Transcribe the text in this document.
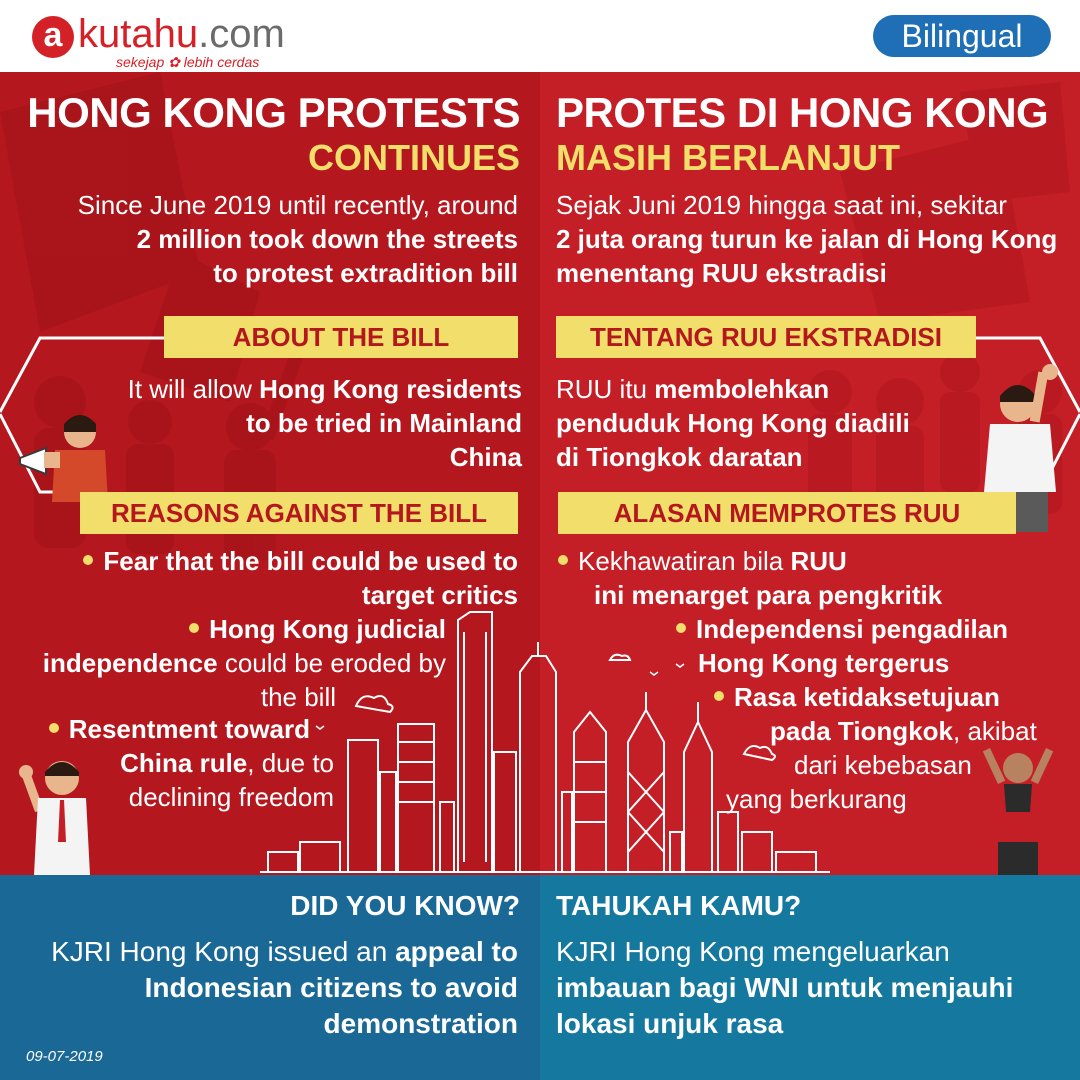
a kutahu.com
sekejap ✿ lebih cerdas
Bilingual
HONG KONG PROTESTS
CONTINUES
Since June 2019 until recently, around
2 million took down the streets
to protest extradition bill
ABOUT THE BILL
It will allow Hong Kong residents
to be tried in Mainland
China
REASONS AGAINST THE BILL
Fear that the bill could be used to
target critics
Hong Kong judicial
independence could be eroded by
the bill
Resentment toward
China rule, due to
declining freedom
PROTES DI HONG KONG
MASIH BERLANJUT
Sejak Juni 2019 hingga saat ini, sekitar
2 juta orang turun ke jalan di Hong Kong
menentang RUU ekstradisi
TENTANG RUU EKSTRADISI
RUU itu membolehkan
penduduk Hong Kong diadili
di Tiongkok daratan
ALASAN MEMPROTES RUU
Kekhawatiran bila RUU
ini menarget para pengkritik
Independensi pengadilan
Hong Kong tergerus
Rasa ketidaksetujuan
pada Tiongkok, akibat
dari kebebasan
yang berkurang
DID YOU KNOW?
KJRI Hong Kong issued an appeal to
Indonesian citizens to avoid
demonstration
TAHUKAH KAMU?
KJRI Hong Kong mengeluarkan
imbauan bagi WNI untuk menjauhi
lokasi unjuk rasa
09-07-2019
